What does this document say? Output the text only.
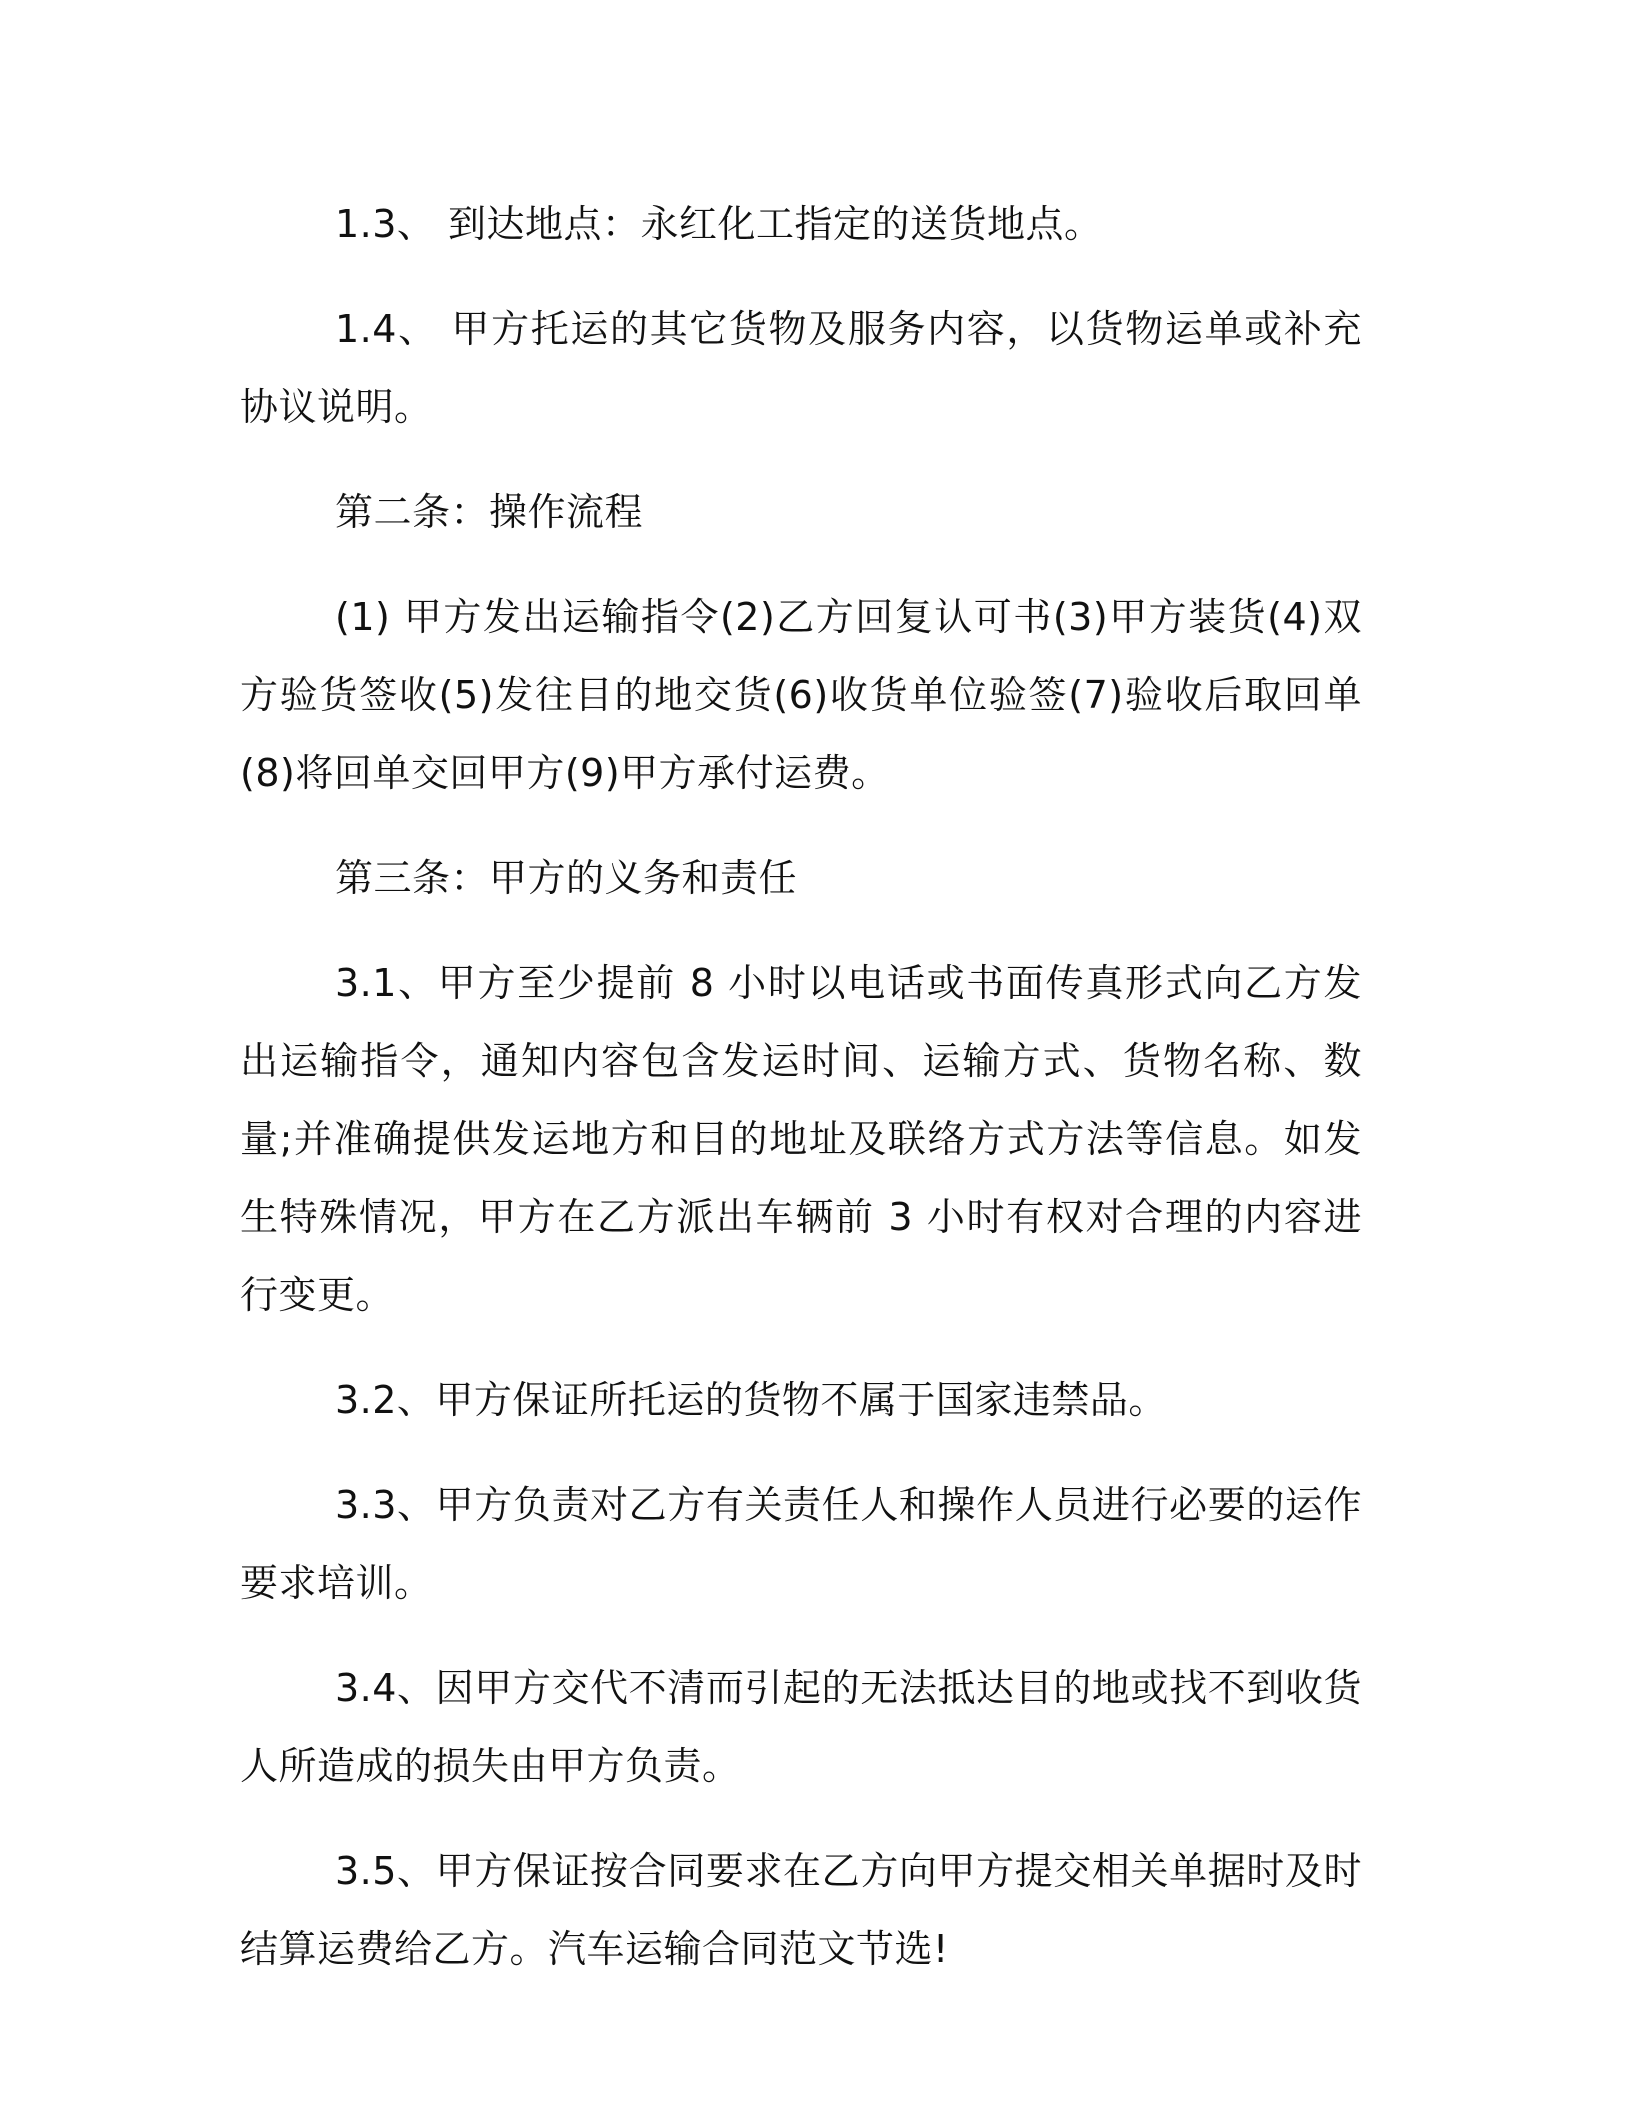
1.3、 到达地点：永红化工指定的送货地点。

1.4、 甲方托运的其它货物及服务内容，以货物运单或补充协议说明。

第二条：操作流程

(1) 甲方发出运输指令(2)乙方回复认可书(3)甲方装货(4)双方验货签收(5)发往目的地交货(6)收货单位验签(7)验收后取回单(8)将回单交回甲方(9)甲方承付运费。

第三条：甲方的义务和责任

3.1、甲方至少提前 8 小时以电话或书面传真形式向乙方发出运输指令，通知内容包含发运时间、运输方式、货物名称、数量;并准确提供发运地方和目的地址及联络方式方法等信息。如发生特殊情况，甲方在乙方派出车辆前 3 小时有权对合理的内容进行变更。

3.2、甲方保证所托运的货物不属于国家违禁品。

3.3、甲方负责对乙方有关责任人和操作人员进行必要的运作要求培训。

3.4、因甲方交代不清而引起的无法抵达目的地或找不到收货人所造成的损失由甲方负责。

3.5、甲方保证按合同要求在乙方向甲方提交相关单据时及时结算运费给乙方。汽车运输合同范文节选!
